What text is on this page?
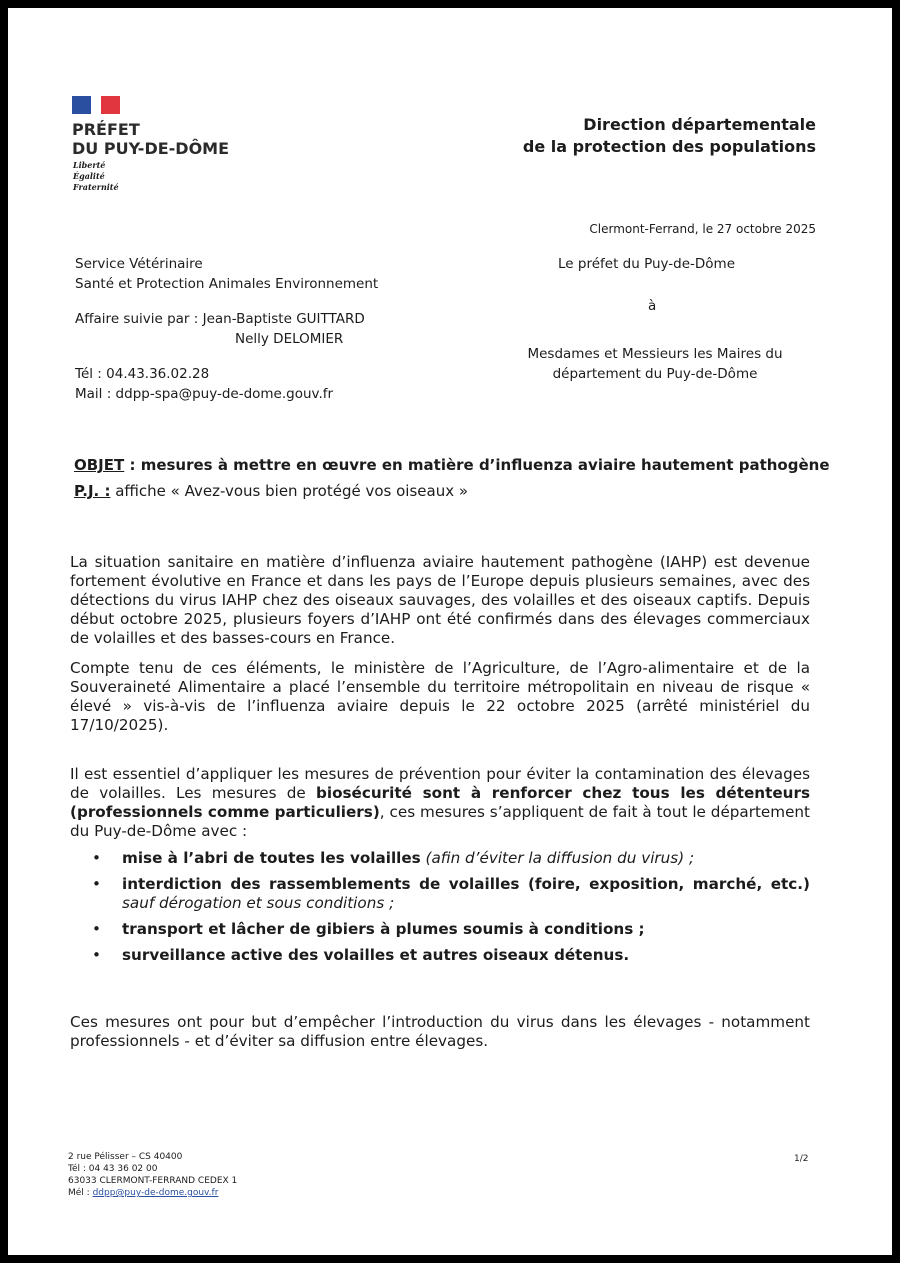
PRÉFET
DU PUY-DE-DÔME
Liberté
Égalité
Fraternité
Direction départementale
de la protection des populations
Clermont-Ferrand, le 27 octobre 2025
Service Vétérinaire
Santé et Protection Animales Environnement
Affaire suivie par : Jean-Baptiste GUITTARD
Nelly DELOMIER
Tél : 04.43.36.02.28
Mail : ddpp-spa@puy-de-dome.gouv.fr
Le préfet du Puy-de-Dôme
à
Mesdames et Messieurs les Maires du
département du Puy-de-Dôme
OBJET : mesures à mettre en œuvre en matière d’influenza aviaire hautement pathogène
P.J. : affiche « Avez-vous bien protégé vos oiseaux »

La situation sanitaire en matière d’influenza aviaire hautement pathogène (IAHP) est devenue fortement évolutive en France et dans les pays de l’Europe depuis plusieurs semaines, avec des détections du virus IAHP chez des oiseaux sauvages, des volailles et des oiseaux captifs. Depuis début octobre 2025, plusieurs foyers d’IAHP ont été confirmés dans des élevages commerciaux de volailles et des basses-cours en France.

Compte tenu de ces éléments, le ministère de l’Agriculture, de l’Agro-alimentaire et de la Souveraineté Alimentaire a placé l’ensemble du territoire métropolitain en niveau de risque « élevé » vis-à-vis de l’influenza aviaire depuis le 22 octobre 2025 (arrêté ministériel du 17/10/2025).

Il est essentiel d’appliquer les mesures de prévention pour éviter la contamination des élevages de volailles. Les mesures de biosécurité sont à renforcer chez tous les détenteurs (professionnels comme particuliers), ces mesures s’appliquent de fait à tout le département du Puy-de-Dôme avec :

• mise à l’abri de toutes les volailles (afin d’éviter la diffusion du virus) ;
• interdiction des rassemblements de volailles (foire, exposition, marché, etc.) sauf dérogation et sous conditions ;
• transport et lâcher de gibiers à plumes soumis à conditions ;
• surveillance active des volailles et autres oiseaux détenus.

Ces mesures ont pour but d’empêcher l’introduction du virus dans les élevages - notamment professionnels - et d’éviter sa diffusion entre élevages.

2 rue Pélisser – CS 40400
Tél : 04 43 36 02 00
63033 CLERMONT-FERRAND CEDEX 1
Mél : ddpp@puy-de-dome.gouv.fr
1/2
